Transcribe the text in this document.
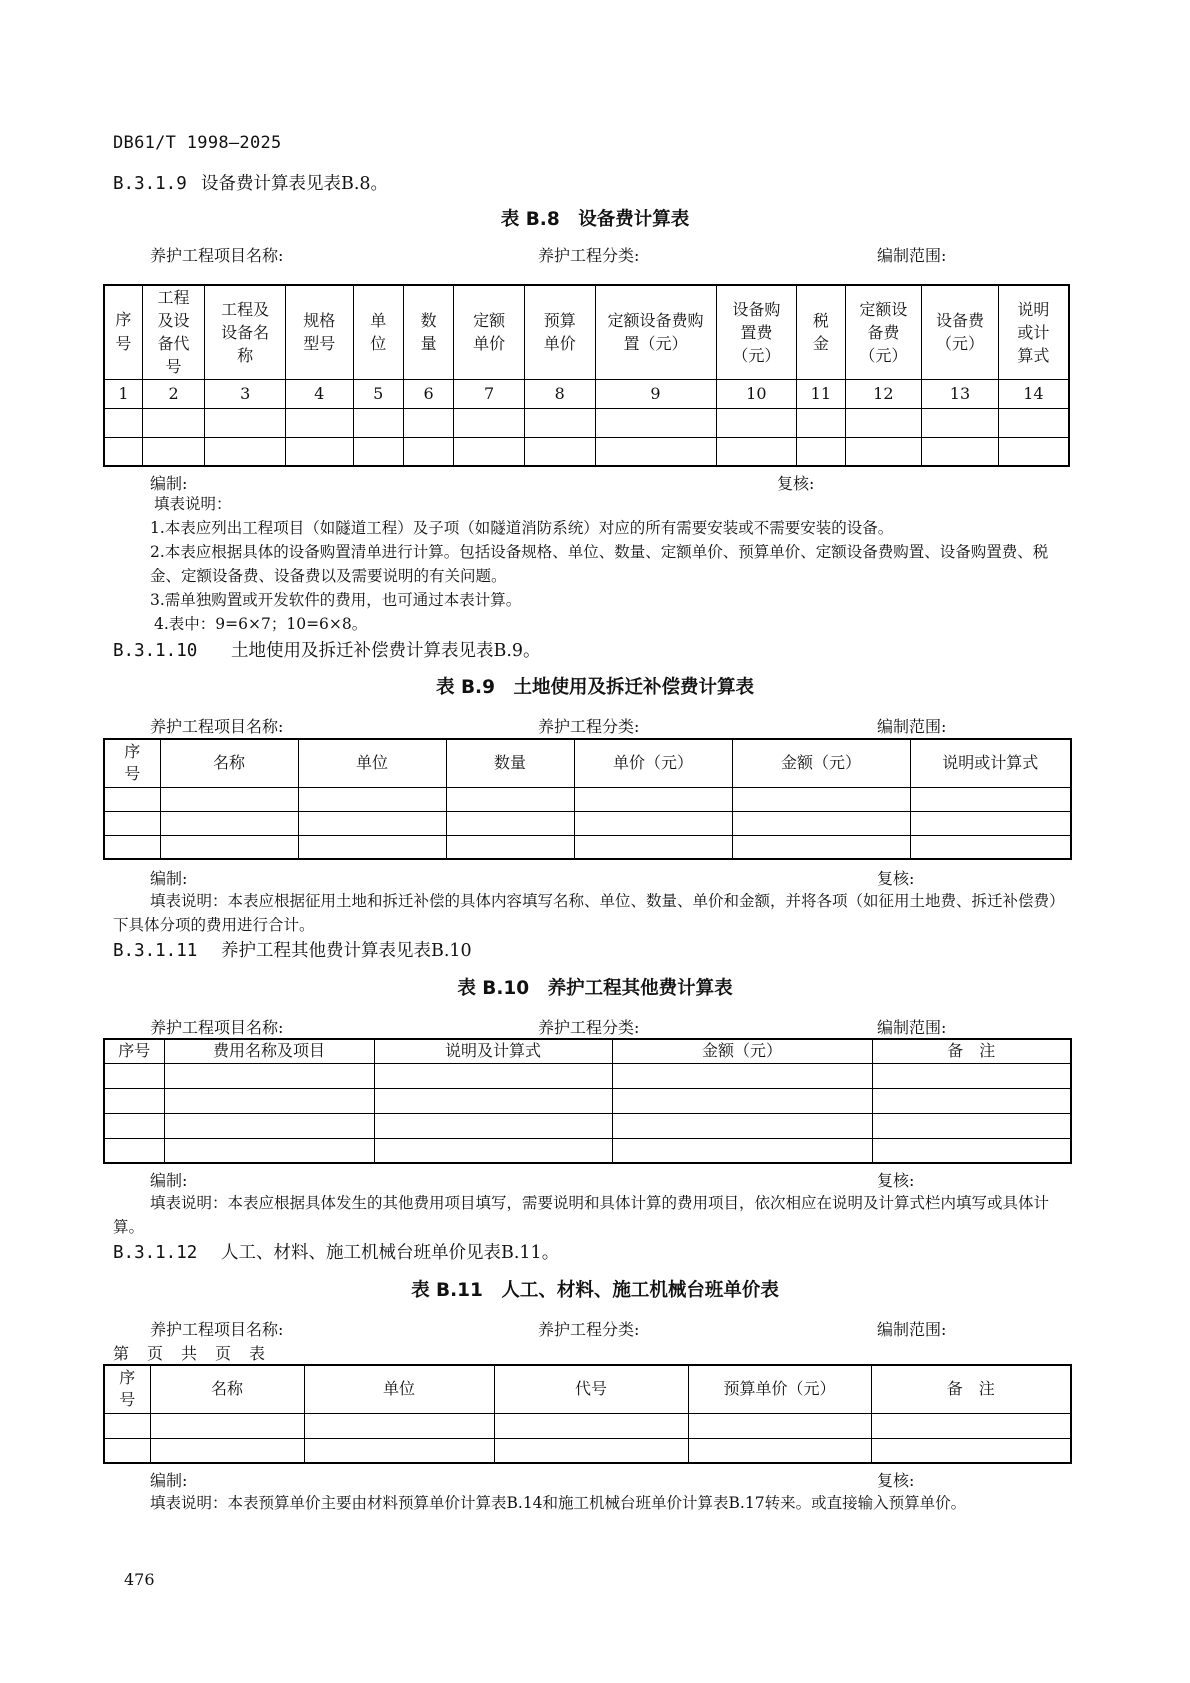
DB61/T 1998—2025
B.3.1.9 设备费计算表见表B.8。
表 B.8　设备费计算表
养护工程项目名称:	养护工程分类:	编制范围:
序号	工程及设备代号	工程及设备名称	规格型号	单位	数量	定额单价	预算单价	定额设备费购置（元）	设备购置费（元）	税金	定额设备费（元）	设备费（元）	说明或计算式
1	2	3	4	5	6	7	8	9	10	11	12	13	14

编制:	复核:
填表说明：
1.本表应列出工程项目（如隧道工程）及子项（如隧道消防系统）对应的所有需要安装或不需要安装的设备。
2.本表应根据具体的设备购置清单进行计算。包括设备规格、单位、数量、定额单价、预算单价、定额设备费购置、设备购置费、税金、定额设备费、设备费以及需要说明的有关问题。
3.需单独购置或开发软件的费用，也可通过本表计算。
4.表中：9=6×7；10=6×8。
B.3.1.10 土地使用及拆迁补偿费计算表见表B.9。
表 B.9　土地使用及拆迁补偿费计算表
养护工程项目名称:	养护工程分类:	编制范围:
序号	名称	单位	数量	单价（元）	金额（元）	说明或计算式

编制:	复核:
填表说明：本表应根据征用土地和拆迁补偿的具体内容填写名称、单位、数量、单价和金额，并将各项（如征用土地费、拆迁补偿费）下具体分项的费用进行合计。
B.3.1.11 养护工程其他费计算表见表B.10
表 B.10　养护工程其他费计算表
养护工程项目名称:	养护工程分类:	编制范围:
序号	费用名称及项目	说明及计算式	金额（元）	备　注

编制:	复核:
填表说明：本表应根据具体发生的其他费用项目填写，需要说明和具体计算的费用项目，依次相应在说明及计算式栏内填写或具体计算。
B.3.1.12 人工、材料、施工机械台班单价见表B.11。
表 B.11　人工、材料、施工机械台班单价表
养护工程项目名称:	养护工程分类:	编制范围:
第　页　共　页　表
序号	名称	单位	代号	预算单价（元）	备　注

编制:	复核:
填表说明：本表预算单价主要由材料预算单价计算表B.14和施工机械台班单价计算表B.17转来。或直接输入预算单价。
476
